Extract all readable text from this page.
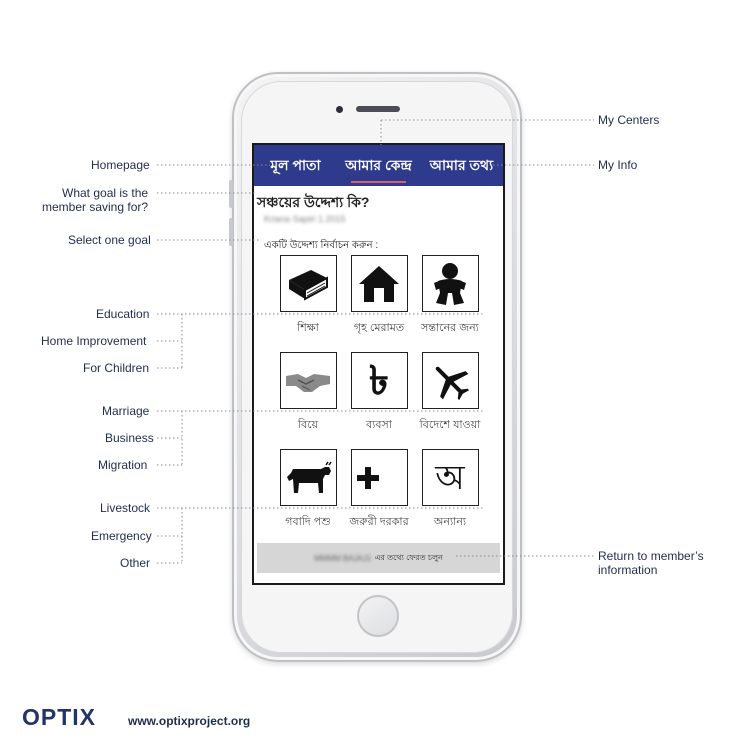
মূল পাতা	আমার কেন্দ্র	আমার তথ্য
সঞ্চয়ের উদ্দেশ্য কি?
Kriana Sapiri 1.2015
একটি উদ্দেশ্য নির্বাচন করুন :
শিক্ষা	গৃহ মেরামত	সন্তানের জন্য
বিয়ে
৳
ব্যবসা	বিদেশে যাওয়া
গবাদি পশু	জরুরী দরকার
অ
অন্যান্য
MMMM BAJAJ1 এর তথ্যে ফেরত চলুন
Homepage
What goal is the
member saving for?
Select one goal
Education
Home Improvement
For Children
Marriage
Business
Migration
Livestock
Emergency
Other
My Centers
My Info
Return to member’s
information
OPTIX	www.optixproject.org
